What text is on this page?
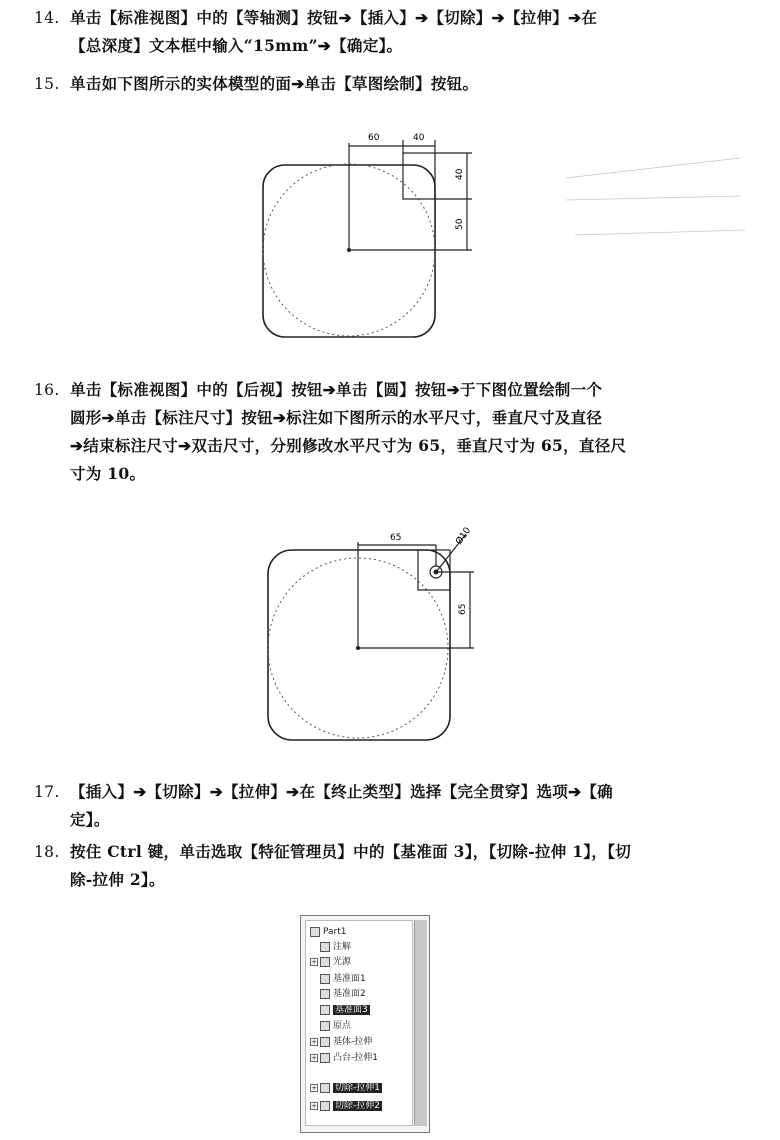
14. 单击【标准视图】中的【等轴测】按钮➔【插入】➔【切除】➔【拉伸】➔在
【总深度】文本框中输入“15mm”➔【确定】。
15. 单击如下图所示的实体模型的面➔单击【草图绘制】按钮。
60	40
40
50
65	Ø10
65
16. 单击【标准视图】中的【后视】按钮➔单击【圆】按钮➔于下图位置绘制一个
圆形➔单击【标注尺寸】按钮➔标注如下图所示的水平尺寸，垂直尺寸及直径
➔结束标注尺寸➔双击尺寸，分别修改水平尺寸为 65，垂直尺寸为 65，直径尺
寸为 10。
17. 【插入】➔【切除】➔【拉伸】➔在【终止类型】选择【完全贯穿】选项➔【确
定】。
18. 按住 Ctrl 键，单击选取【特征管理员】中的【基准面 3】，【切除-拉伸 1】，【切
除-拉伸 2】。
Part1
注解
+ 光源
基准面1
基准面2
基准面3
原点
+ 基体-拉伸
+ 凸台-拉伸1
+ 切除-拉伸1
+ 切除-拉伸2
